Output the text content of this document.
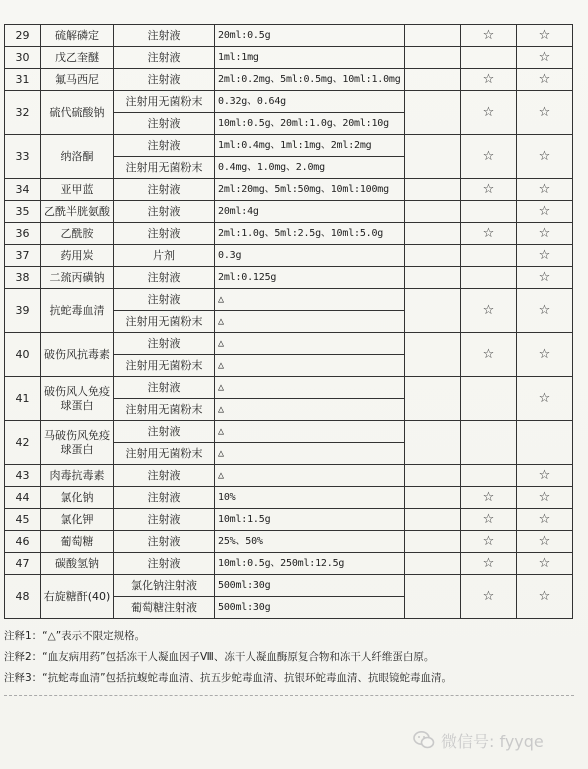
29	硫解磷定	注射液	20ml:0.5g		☆	☆
30	戊乙奎醚	注射液	1ml:1mg			☆
31	氟马西尼	注射液	2ml:0.2mg、5ml:0.5mg、10ml:1.0mg		☆	☆
32	硫代硫酸钠	注射用无菌粉末	0.32g、0.64g		☆	☆
		注射液	10ml:0.5g、20ml:1.0g、20ml:10g			
33	纳洛酮	注射液	1ml:0.4mg、1ml:1mg、2ml:2mg		☆	☆
		注射用无菌粉末	0.4mg、1.0mg、2.0mg			
34	亚甲蓝	注射液	2ml:20mg、5ml:50mg、10ml:100mg		☆	☆
35	乙酰半胱氨酸	注射液	20ml:4g			☆
36	乙酰胺	注射液	2ml:1.0g、5ml:2.5g、10ml:5.0g		☆	☆
37	药用炭	片剂	0.3g			☆
38	二巯丙磺钠	注射液	2ml:0.125g			☆
39	抗蛇毒血清	注射液	△		☆	☆
		注射用无菌粉末	△			
40	破伤风抗毒素	注射液	△		☆	☆
		注射用无菌粉末	△			
41	破伤风人免疫球蛋白	注射液	△			☆
		注射用无菌粉末	△			
42	马破伤风免疫球蛋白	注射液	△			
		注射用无菌粉末	△			
43	肉毒抗毒素	注射液	△			☆
44	氯化钠	注射液	10%		☆	☆
45	氯化钾	注射液	10ml:1.5g		☆	☆
46	葡萄糖	注射液	25%、50%		☆	☆
47	碳酸氢钠	注射液	10ml:0.5g、250ml:12.5g		☆	☆
48	右旋糖酐(40)	氯化钠注射液	500ml:30g		☆	☆
		葡萄糖注射液	500ml:30g			
注释1：“△”表示不限定规格。
注释2：“血友病用药”包括冻干人凝血因子Ⅷ、冻干人凝血酶原复合物和冻干人纤维蛋白原。
注释3：“抗蛇毒血清”包括抗蝮蛇毒血清、抗五步蛇毒血清、抗银环蛇毒血清、抗眼镜蛇毒血清。
微信号: fyyqe
